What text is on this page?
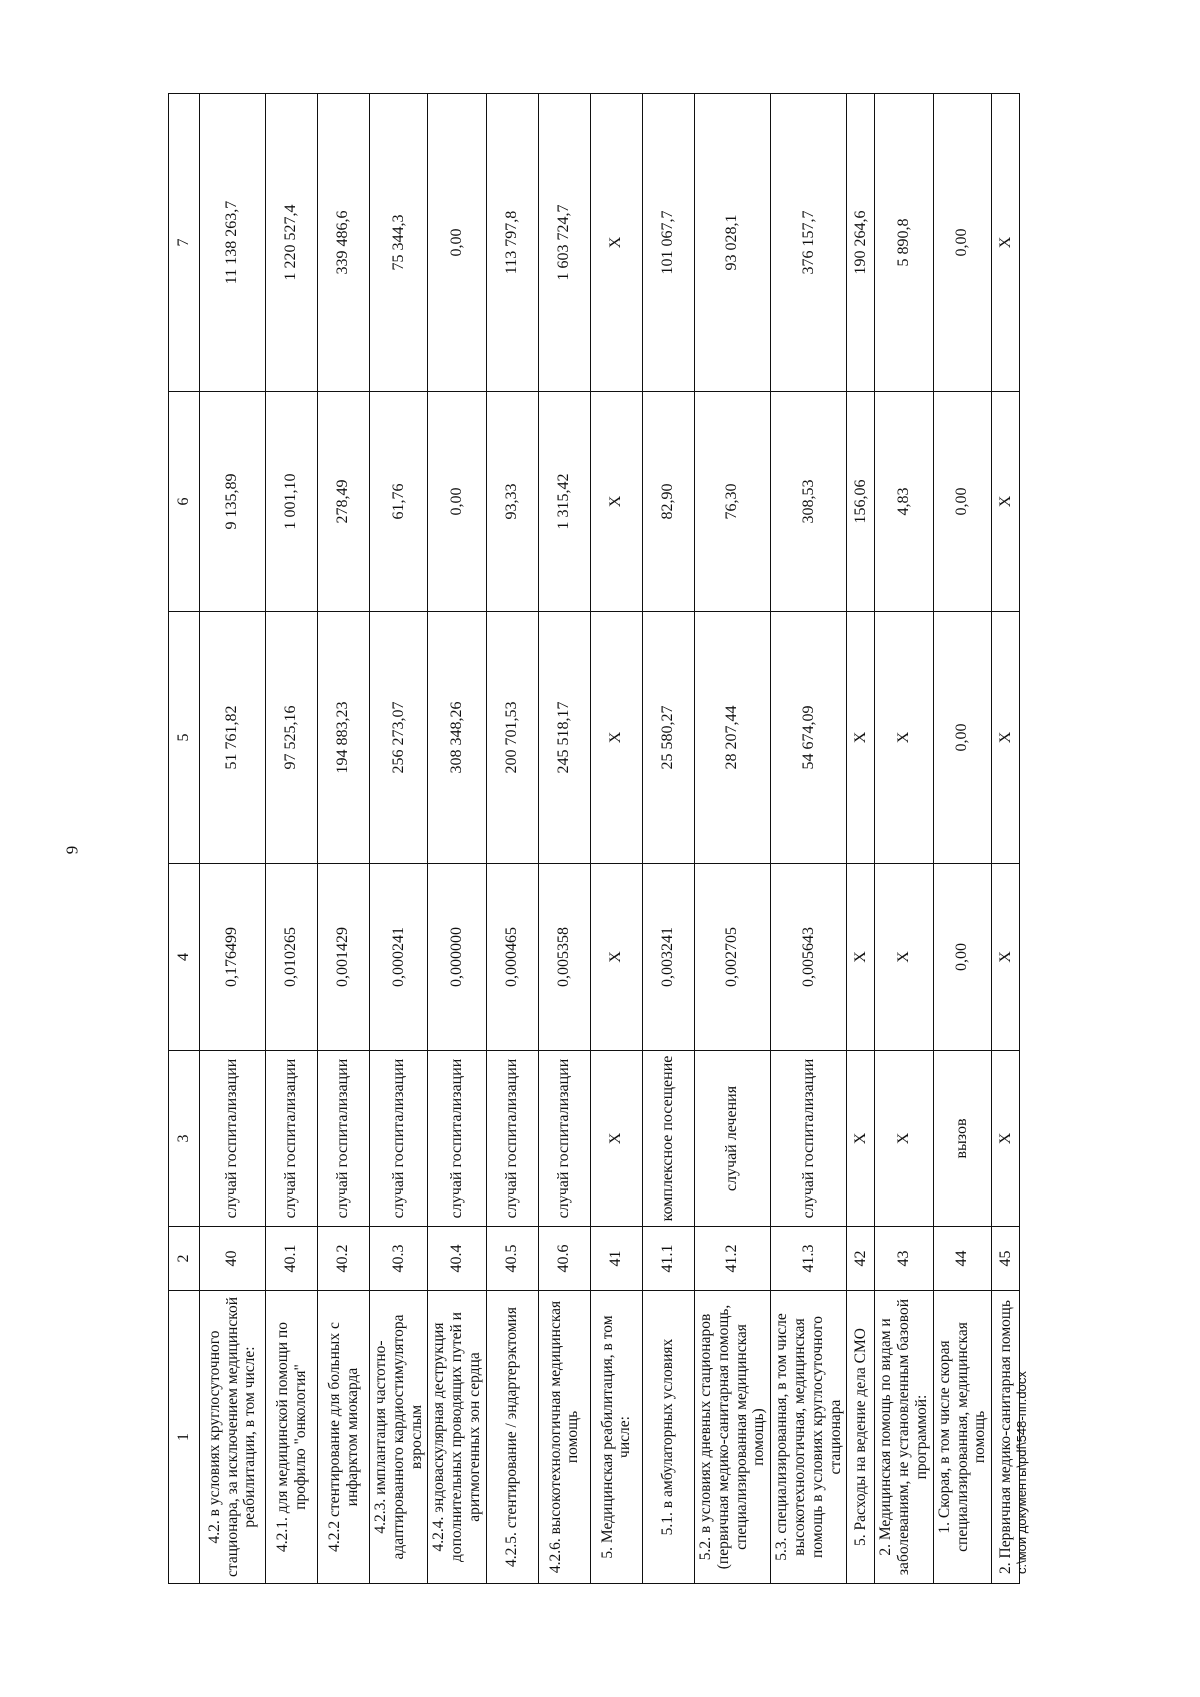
9
1	2	3	4	5	6	7
4.2. в условиях круглосуточного стационара, за исключением медицинской реабилитации, в том числе:	40	случай госпитализации	0,176499	51 761,82	9 135,89	11 138 263,7
4.2.1. для медицинской помощи по профилю "онкология"	40.1	случай госпитализации	0,010265	97 525,16	1 001,10	1 220 527,4
4.2.2 стентирование для больных с инфарктом миокарда	40.2	случай госпитализации	0,001429	194 883,23	278,49	339 486,6
4.2.3. имплантация частотно-адаптированного кардиостимулятора взрослым	40.3	случай госпитализации	0,000241	256 273,07	61,76	75 344,3
4.2.4. эндоваскулярная деструкция дополнительных проводящих путей и аритмогенных зон сердца	40.4	случай госпитализации	0,000000	308 348,26	0,00	0,00
4.2.5. стентирование / эндартерэктомия	40.5	случай госпитализации	0,000465	200 701,53	93,33	113 797,8
4.2.6. высокотехнологичная медицинская помощь	40.6	случай госпитализации	0,005358	245 518,17	1 315,42	1 603 724,7
5. Медицинская реабилитация, в том числе:	41	X	X	X	X	X
5.1. в амбулаторных условиях	41.1	комплексное посещение	0,003241	25 580,27	82,90	101 067,7
5.2. в условиях дневных стационаров (первичная медико-санитарная помощь, специализированная медицинская помощь)	41.2	случай лечения	0,002705	28 207,44	76,30	93 028,1
5.3. специализированная, в том числе высокотехнологичная, медицинская помощь в условиях круглосуточного стационара	41.3	случай госпитализации	0,005643	54 674,09	308,53	376 157,7
5. Расходы на ведение дела СМО	42	X	X	X	156,06	190 264,6
2. Медицинская помощь по видам и заболеваниям, не установленным базовой программой:	43	X	X	X	4,83	5 890,8
1. Скорая, в том числе скорая специализированная, медицинская помощь	44	вызов	0,00	0,00	0,00	0,00
2. Первичная медико-санитарная помощь	45	X	X	X	X	X
c:\мои документы\pdf\548-пп.docx
